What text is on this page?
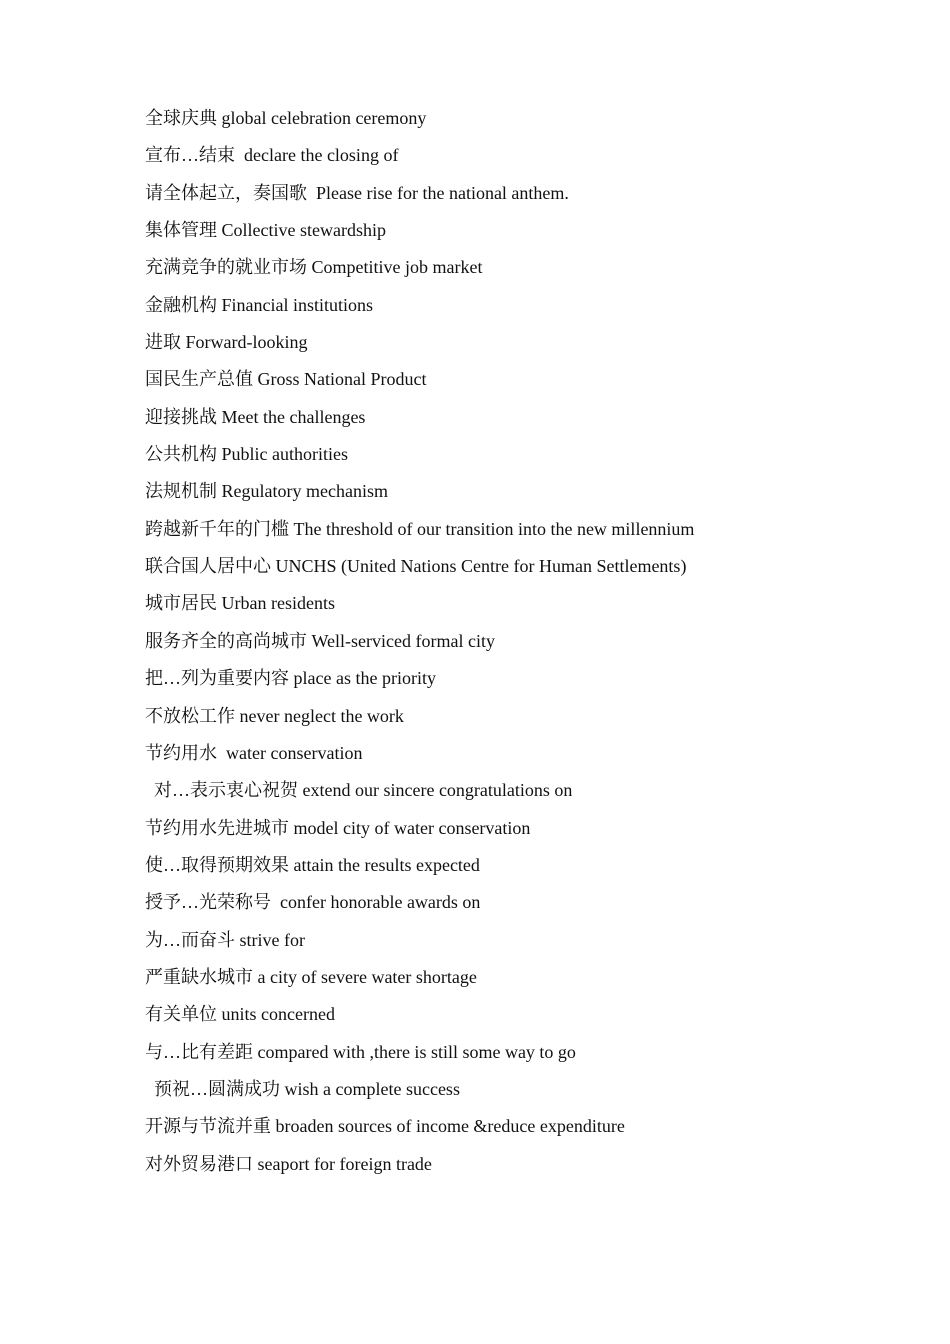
全球庆典 global celebration ceremony
宣布…结束  declare the closing of
请全体起立，奏国歌  Please rise for the national anthem.
集体管理 Collective stewardship
充满竞争的就业市场 Competitive job market
金融机构 Financial institutions
进取 Forward-looking
国民生产总值 Gross National Product
迎接挑战 Meet the challenges
公共机构 Public authorities
法规机制 Regulatory mechanism
跨越新千年的门槛 The threshold of our transition into the new millennium
联合国人居中心 UNCHS (United Nations Centre for Human Settlements)
城市居民 Urban residents
服务齐全的高尚城市 Well-serviced formal city
把…列为重要内容 place as the priority
不放松工作 never neglect the work
节约用水  water conservation
对…表示衷心祝贺 extend our sincere congratulations on
节约用水先进城市 model city of water conservation
使…取得预期效果 attain the results expected
授予…光荣称号  confer honorable awards on
为…而奋斗 strive for
严重缺水城市 a city of severe water shortage
有关单位 units concerned
与…比有差距 compared with ,there is still some way to go
预祝…圆满成功 wish a complete success
开源与节流并重 broaden sources of income &reduce expenditure
对外贸易港口 seaport for foreign trade
